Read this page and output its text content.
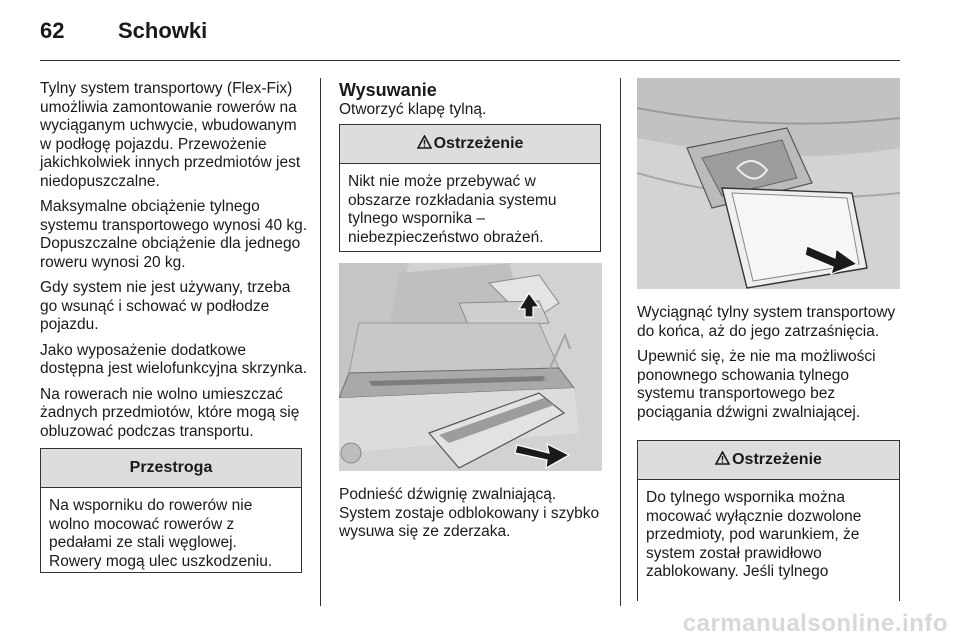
62 Schowki

Tylny system transportowy (Flex-Fix) umożliwia zamontowanie rowerów na wyciąganym uchwycie, wbudowanym w podłogę pojazdu. Przewożenie jakichkolwiek innych przedmiotów jest niedopuszczalne.

Maksymalne obciążenie tylnego systemu transportowego wynosi 40 kg. Dopuszczalne obciążenie dla jednego roweru wynosi 20 kg.

Gdy system nie jest używany, trzeba go wsunąć i schować w podłodze pojazdu.

Jako wyposażenie dodatkowe dostępna jest wielofunkcyjna skrzynka.

Na rowerach nie wolno umieszczać żadnych przedmiotów, które mogą się obluzować podczas transportu.

Przestroga
Na wsporniku do rowerów nie wolno mocować rowerów z pedałami ze stali węglowej. Rowery mogą ulec uszkodzeniu.
Wysuwanie

Otworzyć klapę tylną.

Ostrzeżenie
Nikt nie może przebywać w obszarze rozkładania systemu tylnego wspornika – niebezpieczeństwo obrażeń.
Podnieść dźwignię zwalniającą. System zostaje odblokowany i szybko wysuwa się ze zderzaka.

Wyciągnąć tylny system transportowy do końca, aż do jego zatrzaśnięcia.

Upewnić się, że nie ma możliwości ponownego schowania tylnego systemu transportowego bez pociągania dźwigni zwalniającej.

Ostrzeżenie
Do tylnego wspornika można mocować wyłącznie dozwolone przedmioty, pod warunkiem, że system został prawidłowo zablokowany. Jeśli tylnego
carmanualsonline.info
